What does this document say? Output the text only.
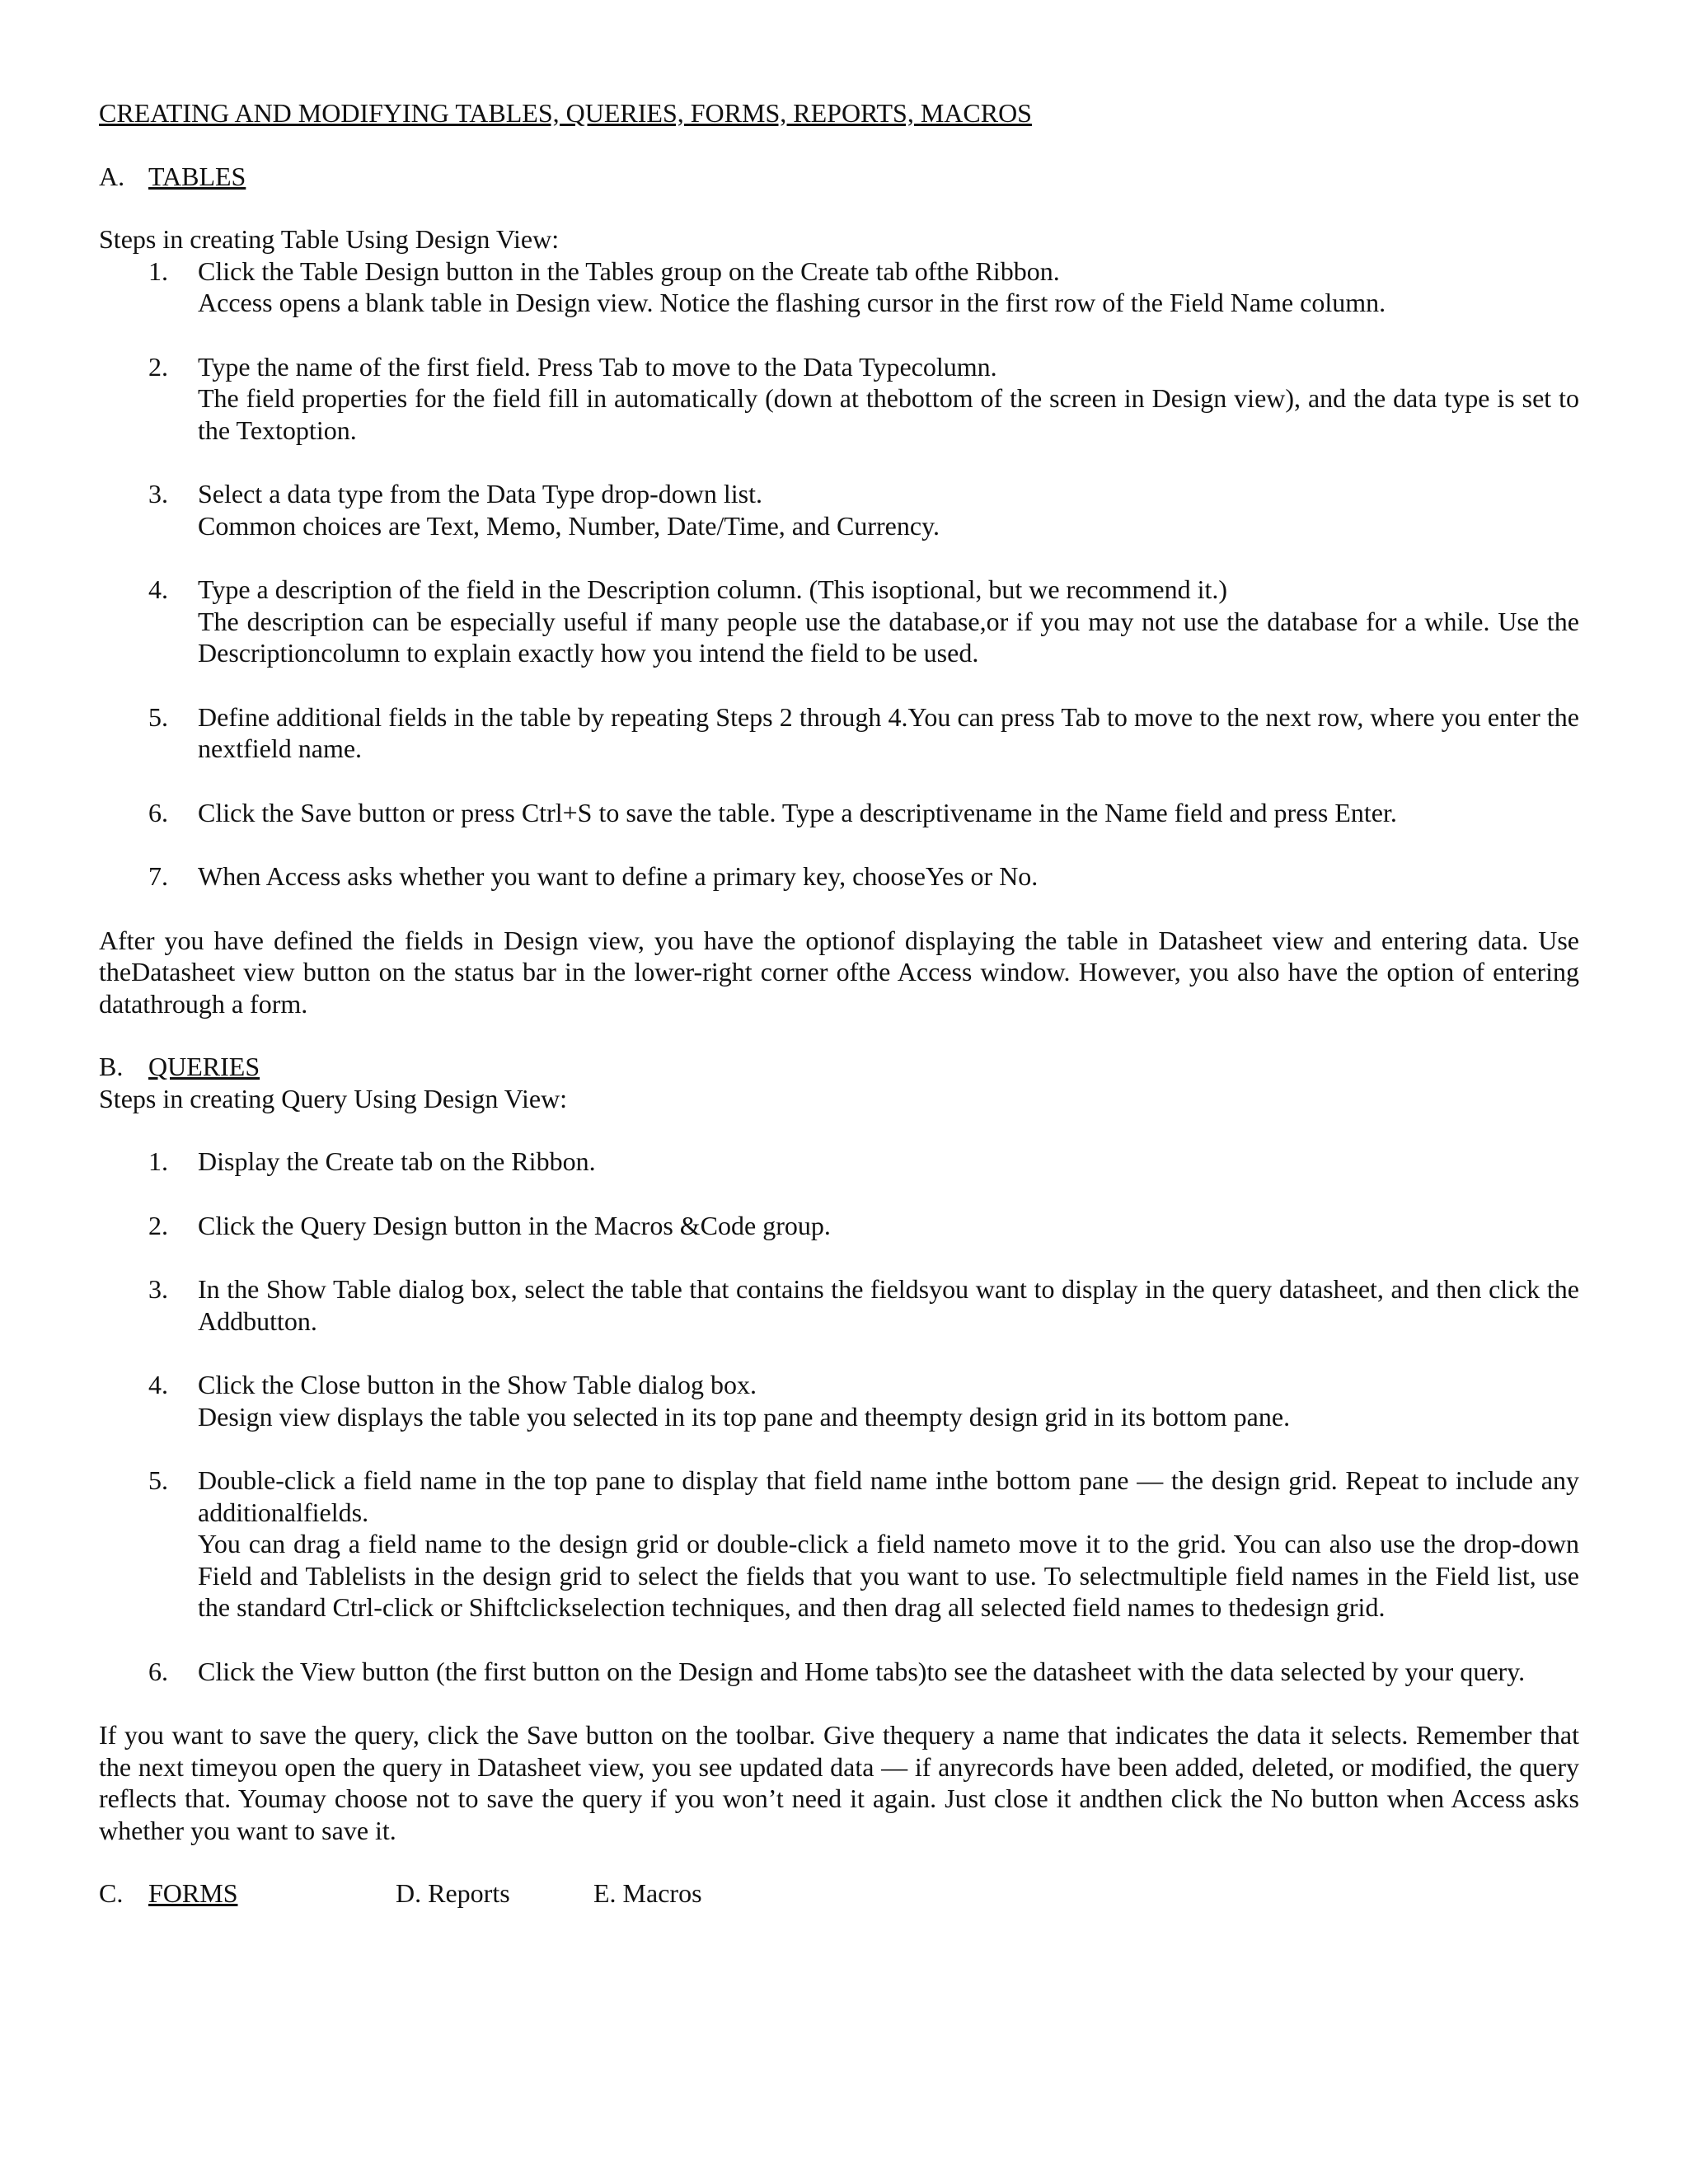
CREATING AND MODIFYING TABLES, QUERIES, FORMS, REPORTS, MACROS
A. TABLES

Steps in creating Table Using Design View:

1.	Click the Table Design button in the Tables group on the Create tab ofthe Ribbon.

Access opens a blank table in Design view. Notice the flashing cursor in the first row of the Field Name column.

2.	Type the name of the first field. Press Tab to move to the Data Typecolumn.

The field properties for the field fill in automatically (down at thebottom of the screen in Design view), and the data type is set to the Textoption.

3.	Select a data type from the Data Type drop-down list.

Common choices are Text, Memo, Number, Date/Time, and Currency.

4.	Type a description of the field in the Description column. (This isoptional, but we recommend it.)

The description can be especially useful if many people use the database,or if you may not use the database for a while. Use the Descriptioncolumn to explain exactly how you intend the field to be used.

5.	Define additional fields in the table by repeating Steps 2 through 4.You can press Tab to move to the next row, where you enter the nextfield name.

6.	Click the Save button or press Ctrl+S to save the table. Type a descriptivename in the Name field and press Enter.

7.	When Access asks whether you want to define a primary key, chooseYes or No.

After you have defined the fields in Design view, you have the optionof displaying the table in Datasheet view and entering data. Use theDatasheet view button on the status bar in the lower-right corner ofthe Access window. However, you also have the option of entering datathrough a form.

B. QUERIES

Steps in creating Query Using Design View:

1.	Display the Create tab on the Ribbon.

2.	Click the Query Design button in the Macros &Code group.

3.	In the Show Table dialog box, select the table that contains the fieldsyou want to display in the query datasheet, and then click the Addbutton.

4.	Click the Close button in the Show Table dialog box.

Design view displays the table you selected in its top pane and theempty design grid in its bottom pane.

5.	Double-click a field name in the top pane to display that field name inthe bottom pane — the design grid. Repeat to include any additionalfields.

You can drag a field name to the design grid or double-click a field nameto move it to the grid. You can also use the drop-down Field and Tablelists in the design grid to select the fields that you want to use. To selectmultiple field names in the Field list, use the standard Ctrl-click or Shiftclickselection techniques, and then drag all selected field names to thedesign grid.

6.	Click the View button (the first button on the Design and Home tabs)to see the datasheet with the data selected by your query.

If you want to save the query, click the Save button on the toolbar. Give thequery a name that indicates the data it selects. Remember that the next timeyou open the query in Datasheet view, you see updated data — if anyrecords have been added, deleted, or modified, the query reflects that. Youmay choose not to save the query if you won’t need it again. Just close it andthen click the No button when Access asks whether you want to save it.

C. FORMS	D. Reports	E. Macros
